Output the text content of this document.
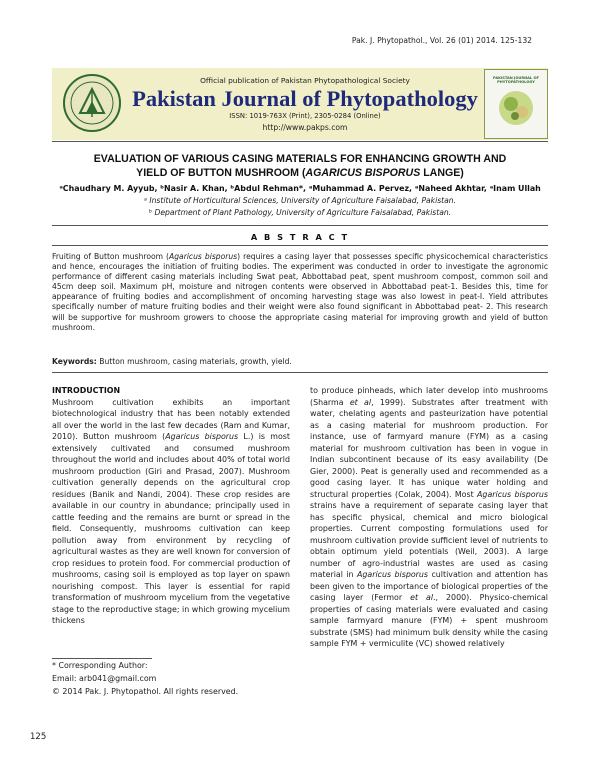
Pak. J. Phytopathol., Vol. 26 (01) 2014. 125-132
Official publication of Pakistan Phytopathological Society
Pakistan Journal of Phytopathology
ISSN: 1019-763X (Print), 2305-0284 (Online)
http://www.pakps.com
PAKISTAN JOURNAL OF PHYTOPATHOLOGY
EVALUATION OF VARIOUS CASING MATERIALS FOR ENHANCING GROWTH AND
YIELD OF BUTTON MUSHROOM (AGARICUS BISPORUS LANGE)
ᵃChaudhary M. Ayyub, ᵇNasir A. Khan, ᵇAbdul Rehman*, ᵃMuhammad A. Pervez, ᵃNaheed Akhtar, ᵃInam Ullah
ᵃ Institute of Horticultural Sciences, University of Agriculture Faisalabad, Pakistan.
ᵇ Department of Plant Pathology, University of Agriculture Faisalabad, Pakistan.
A B S T R A C T
Fruiting of Button mushroom (Agaricus bisporus) requires a casing layer that possesses specific physicochemical characteristics and hence, encourages the initiation of fruiting bodies. The experiment was conducted in order to investigate the agronomic performance of different casing materials including Swat peat, Abbottabad peat, spent mushroom compost, common soil and 45cm deep soil. Maximum pH, moisture and nitrogen contents were observed in Abbottabad peat-1. Besides this, time for appearance of fruiting bodies and accomplishment of oncoming harvesting stage was also lowest in peat-I. Yield attributes specifically number of mature fruiting bodies and their weight were also found significant in Abbottabad peat- 2. This research will be supportive for mushroom growers to choose the appropriate casing material for improving growth and yield of button mushroom.
Keywords: Button mushroom, casing materials, growth, yield.
INTRODUCTION
Mushroom cultivation exhibits an important biotechnological industry that has been notably extended all over the world in the last few decades (Ram and Kumar, 2010). Button mushroom (Agaricus bisporus L.) is most extensively cultivated and consumed mushroom throughout the world and includes about 40% of total world mushroom production (Giri and Prasad, 2007). Mushroom cultivation generally depends on the agricultural crop residues (Banik and Nandi, 2004). These crop resides are available in our country in abundance; principally used in cattle feeding and the remains are burnt or spread in the field. Consequently, mushrooms cultivation can keep pollution away from environment by recycling of agricultural wastes as they are well known for conversion of crop residues to protein food. For commercial production of mushrooms, casing soil is employed as top layer on spawn nourishing compost. This layer is essential for rapid transformation of mushroom mycelium from the vegetative stage to the reproductive stage; in which growing mycelium thickens
to produce pinheads, which later develop into mushrooms (Sharma et al, 1999). Substrates after treatment with water, chelating agents and pasteurization have potential as a casing material for mushroom production. For instance, use of farmyard manure (FYM) as a casing material for mushroom cultivation has been in vogue in Indian subcontinent because of its easy availability (De Gier, 2000). Peat is generally used and recommended as a good casing layer. It has unique water holding and structural properties (Colak, 2004). Most Agaricus bisporus strains have a requirement of separate casing layer that has specific physical, chemical and micro biological properties. Current composting formulations used for mushroom cultivation provide sufficient level of nutrients to obtain optimum yield potentials (Weil, 2003). A large number of agro-industrial wastes are used as casing material in Agaricus bisporus cultivation and attention has been given to the importance of biological properties of the casing layer (Fermor et al., 2000). Physico-chemical properties of casing materials were evaluated and casing sample farmyard manure (FYM) + spent mushroom substrate (SMS) had minimum bulk density while the casing sample FYM + vermiculite (VC) showed relatively
* Corresponding Author:
Email: arb041@gmail.com
© 2014 Pak. J. Phytopathol. All rights reserved.
125
